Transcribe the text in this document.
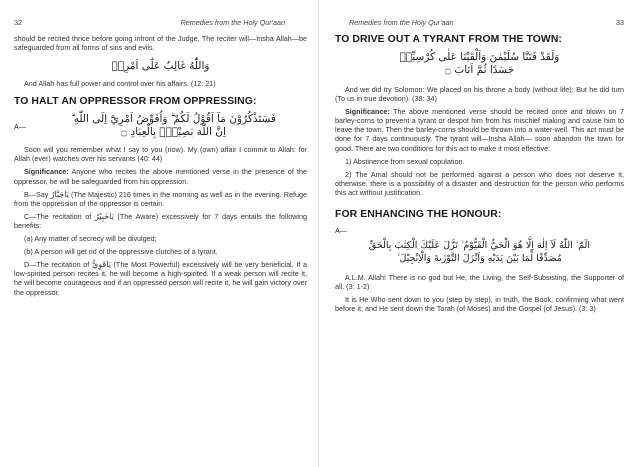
32	Remedies from the Holy Qur'aan
should be recited thrice before going infront of the Judge. The reciter will—Insha Allah—be safeguarded from all forms of sins and evils.
وَاللّٰهُ غَالِبٌ عَلٰٓى اَمْرِهٖ
And Allah has full power and control over his affairs. (12: 21)
TO HALT AN OPPRESSOR FROM OPPRESSING:
A—
فَسَتَذْكُرُوْنَ مَآ اَقُوْلُ لَكُمْ ۗ وَاُفَوِّضُ اَمْرِيْٓ اِلَى اللّٰهِ ۗ
اِنَّ اللّٰهَ بَصِيْرٌۢ بِالْعِبَادِ ۝
Soon will you remember what I say to you (now). My (own) affair I commit to Allah: for Allah (ever) watches over his servants (40: 44)
Significance: Anyone who recites the above mentioned verse in the presence of the oppressor, he will be safeguarded from his oppression.
B—Say يَاجَبَّارُ (The Majestic) 216 times in the morning as well as in the evening. Refuge from the oppression of the oppressor is certain.
C—The recitation of يَاخَبِيْرُ (The Aware) excessively for 7 days entails the following benefits:
(a) Any matter of secrecy will be divulged;
(b) A person will get rid of the oppressive clutches of a tyrant.
D—The recitation of يَاقَوِيُّ (The Most Powerful) excessively will be very beneficial. If a low-spirited person recites it, he will become a high-spirited. If a weak person will recite it, he will become courageous and if an oppressed person will recite it, he will gain victory over the oppressor.
Remedies from the Holy Qur'aan	33
TO DRIVE OUT A TYRANT FROM THE TOWN:
وَلَقَدْ فَتَنَّا سُلَيْمٰنَ وَاَلْقَيْنَا عَلٰى كُرْسِيِّهٖ
جَسَدًا ثُمَّ اَنَابَ ۝
And we did try Solomon: We placed on his throne a body (without life): But he did turn (To us in true devotion). (38: 34)
Significance: The above mentioned verse should be recited once and blown on 7 barley-corns to prevent a tyrant or despot him from his mischief making and cause him to leave the town. Then the barley-corns should be thrown into a water-well. This act must be done for 7 days continuously. The tyrant will—Insha Allah— soon abandon the town for good. There are two conditions for this act to make it most effective:
1) Abstinence from sexual copulation.
2) The Amal should not be performed against a person who does not deserve it, otherwise, there is a possibility of a disaster and destruction for the person who performs this act without justification.
FOR ENHANCING THE HONOUR:
A—
الٓمّٓ ۙ اللّٰهُ لَآ اِلٰهَ اِلَّا هُوَ الْحَيُّ الْقَيُّوْمُ ۙ نَزَّلَ عَلَيْكَ الْكِتٰبَ بِالْحَقِّ
مُصَدِّقًا لِّمَا بَيْنَ يَدَيْهِ وَاَنْزَلَ التَّوْرٰىةَ وَالْاِنْجِيْلَ ۙ
A.L.M. Allah! There is no god but He, the Living, the Self-Subsisting, the Supporter of all. (3: 1-2)
It is He Who sent down to you (step by step), in truth, the Book, confirming what went before it; and He sent down the Torah (of Moses) and the Gospel (of Jesus). (3: 3)
